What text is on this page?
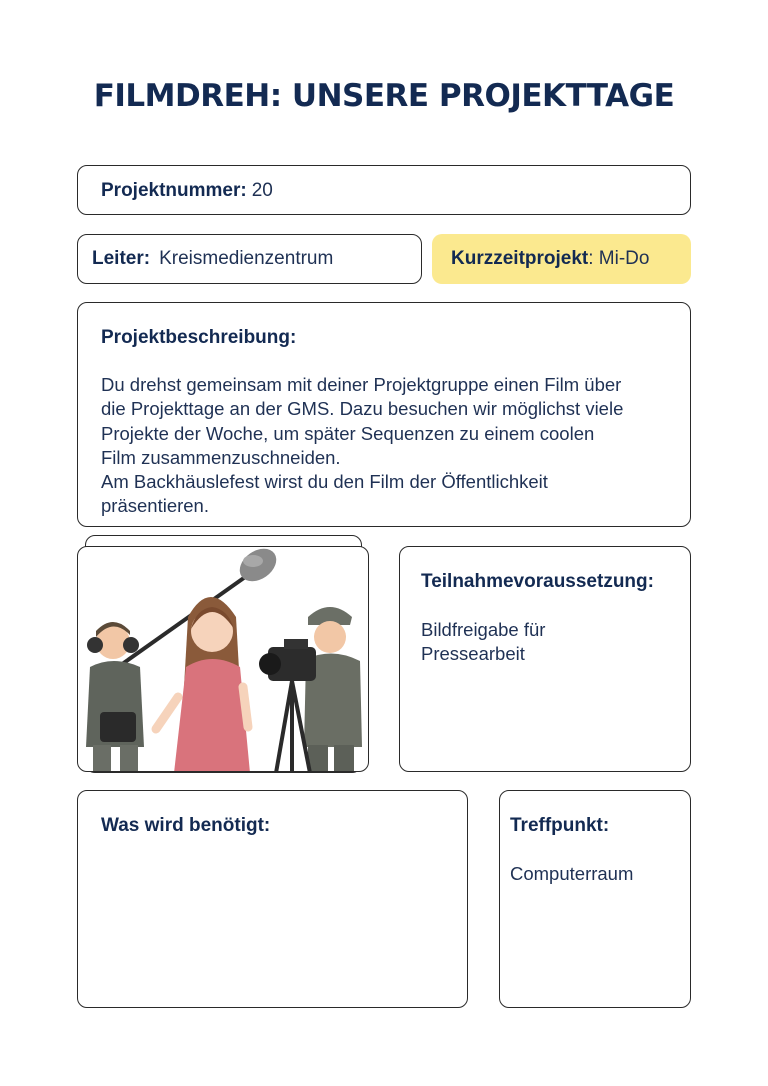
FILMDREH: UNSERE PROJEKTTAGE
Projektnummer: 20
Leiter: Kreismedienzentrum	Kurzzeitprojekt : Mi-Do
Projektbeschreibung:
Du drehst gemeinsam mit deiner Projektgruppe einen Film über
die Projekttage an der GMS. Dazu besuchen wir möglichst viele
Projekte der Woche, um später Sequenzen zu einem coolen
Film zusammenzuschneiden.
Am Backhäuslefest wirst du den Film der Öffentlichkeit
präsentieren.
Teilnahmevoraussetzung:
Bildfreigabe für
Pressearbeit
Was wird benötigt:	Treffpunkt:
Computerraum
